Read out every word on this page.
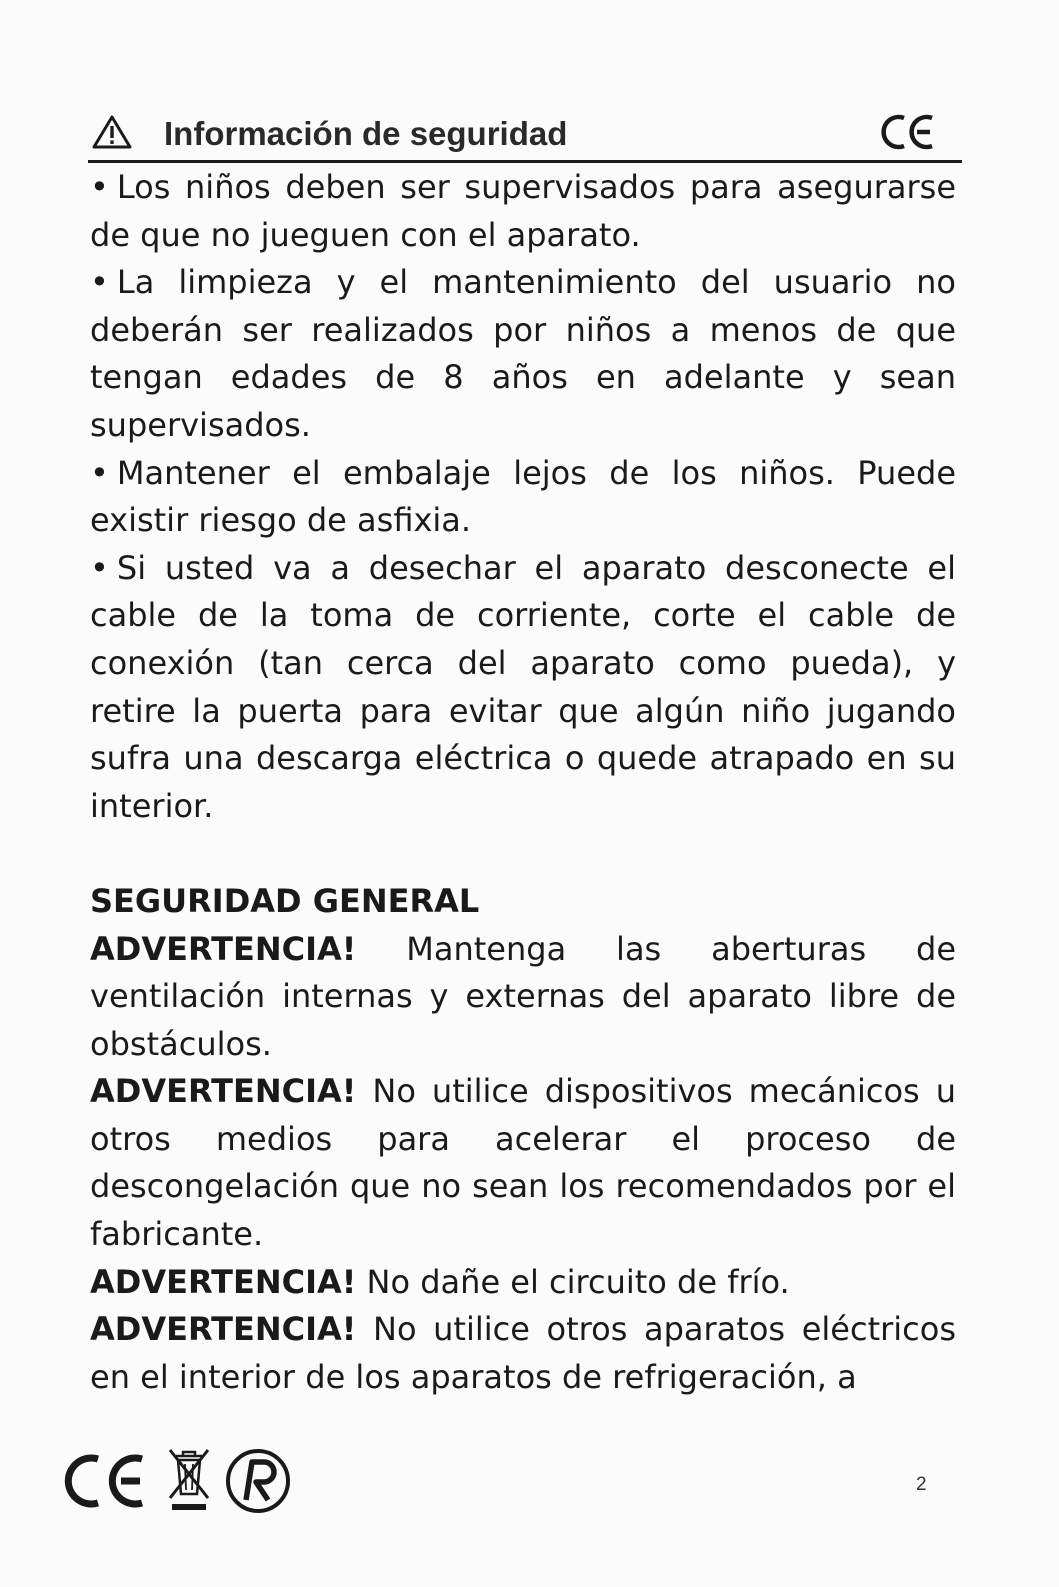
Información de seguridad

• Los niños deben ser supervisados para asegurarse de que no jueguen con el aparato.

• La limpieza y el mantenimiento del usuario no deberán ser realizados por niños a menos de que tengan edades de 8 años en adelante y sean supervisados.

• Mantener el embalaje lejos de los niños. Puede existir riesgo de asfixia.

• Si usted va a desechar el aparato desconecte el cable de la toma de corriente, corte el cable de conexión (tan cerca del aparato como pueda), y retire la puerta para evitar que algún niño jugando sufra una descarga eléctrica o quede atrapado en su interior.

SEGURIDAD GENERAL

ADVERTENCIA! Mantenga las aberturas de ventilación internas y externas del aparato libre de obstáculos.

ADVERTENCIA! No utilice dispositivos mecánicos u otros medios para acelerar el proceso de descongelación que no sean los recomendados por el fabricante.

ADVERTENCIA! No dañe el circuito de frío.

ADVERTENCIA! No utilice otros aparatos eléctricos en el interior de los aparatos de refrigeración, a

2
